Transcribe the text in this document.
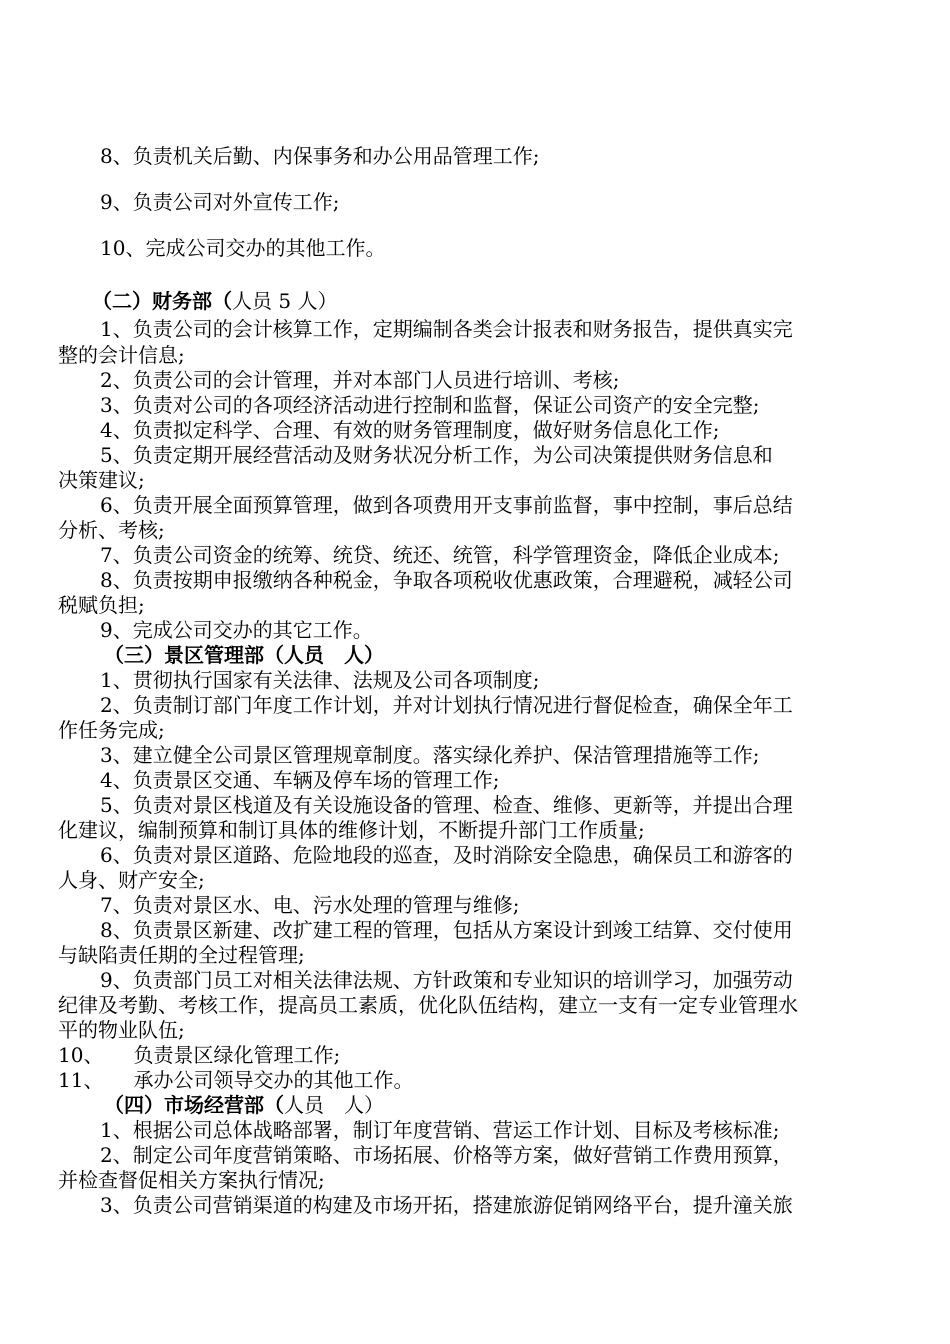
8、负责机关后勤、内保事务和办公用品管理工作;
9、负责公司对外宣传工作;
10、完成公司交办的其他工作。
（二）财务部（人员 5 人）
1、负责公司的会计核算工作，定期编制各类会计报表和财务报告，提供真实完
整的会计信息;
2、负责公司的会计管理，并对本部门人员进行培训、考核;
3、负责对公司的各项经济活动进行控制和监督，保证公司资产的安全完整;
4、负责拟定科学、合理、有效的财务管理制度，做好财务信息化工作;
5、负责定期开展经营活动及财务状况分析工作，为公司决策提供财务信息和
决策建议;
6、负责开展全面预算管理，做到各项费用开支事前监督，事中控制，事后总结
分析、考核;
7、负责公司资金的统筹、统贷、统还、统管，科学管理资金，降低企业成本;
8、负责按期申报缴纳各种税金，争取各项税收优惠政策，合理避税，减轻公司
税赋负担;
9、完成公司交办的其它工作。
（三）景区管理部（人员　人）
1、贯彻执行国家有关法律、法规及公司各项制度;
2、负责制订部门年度工作计划，并对计划执行情况进行督促检查，确保全年工
作任务完成;
3、建立健全公司景区管理规章制度。落实绿化养护、保洁管理措施等工作;
4、负责景区交通、车辆及停车场的管理工作;
5、负责对景区栈道及有关设施设备的管理、检查、维修、更新等，并提出合理
化建议，编制预算和制订具体的维修计划，不断提升部门工作质量;
6、负责对景区道路、危险地段的巡查，及时消除安全隐患，确保员工和游客的
人身、财产安全;
7、负责对景区水、电、污水处理的管理与维修;
8、负责景区新建、改扩建工程的管理，包括从方案设计到竣工结算、交付使用
与缺陷责任期的全过程管理;
9、负责部门员工对相关法律法规、方针政策和专业知识的培训学习，加强劳动
纪律及考勤、考核工作，提高员工素质，优化队伍结构，建立一支有一定专业管理水
平的物业队伍;
10、　　负责景区绿化管理工作;
11、　　承办公司领导交办的其他工作。
（四）市场经营部（人员　人）
1、根据公司总体战略部署，制订年度营销、营运工作计划、目标及考核标准;
2、制定公司年度营销策略、市场拓展、价格等方案，做好营销工作费用预算，
并检查督促相关方案执行情况;
3、负责公司营销渠道的构建及市场开拓，搭建旅游促销网络平台，提升潼关旅
